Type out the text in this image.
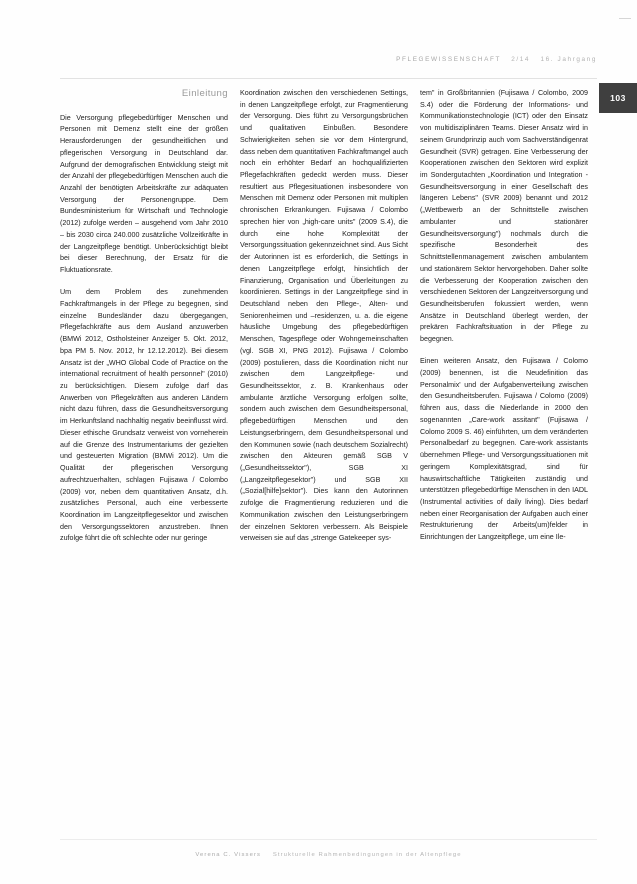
PFLEGEWISSENSCHAFT 2/14 16. Jahrgang
103
Einleitung

Die Versorgung pflegebedürftiger Menschen und Personen mit Demenz stellt eine der größen Herausforderungen der gesundheitlichen und pflegerischen Versorgung in Deutschland dar. Aufgrund der demografischen Entwicklung steigt mit der Anzahl der pflegebedürftigen Menschen auch die Anzahl der benötigten Arbeitskräfte zur adäquaten Versorgung der Personengruppe. Dem Bundesministerium für Wirtschaft und Technologie (2012) zufolge werden – ausgehend vom Jahr 2010 – bis 2030 circa 240.000 zusätzliche Vollzeitkräfte in der Langzeitpflege benötigt. Unberücksichtigt bleibt bei dieser Berechnung, der Ersatz für die Fluktuationsrate.

Um dem Problem des zunehmenden Fachkraftmangels in der Pflege zu begegnen, sind einzelne Bundesländer dazu übergegangen, Pflegefachkräfte aus dem Ausland anzuwerben (BMWi 2012, Ostholsteiner Anzeiger 5. Okt. 2012, bpa PM 5. Nov. 2012, hr 12.12.2012). Bei diesem Ansatz ist der „WHO Global Code of Practice on the international recruitment of health personnel" (2010) zu berücksichtigen. Diesem zufolge darf das Anwerben von Pflegekräften aus anderen Ländern nicht dazu führen, dass die Gesundheitsversorgung im Herkunftsland nachhaltig negativ beeinflusst wird. Dieser ethische Grundsatz verweist von vorneherein auf die Grenze des Instrumentariums der gezielten und gesteuerten Migration (BMWi 2012). Um die Qualität der pflegerischen Versorgung aufrechtzuerhalten, schlagen Fujisawa / Colombo (2009) vor, neben dem quantitativen Ansatz, d.h. zusätzliches Personal, auch eine verbesserte Koordination im Langzeitpflegesektor und zwischen den Versorgungssektoren anzustreben. Ihnen zufolge führt die oft schlechte oder nur geringe

Koordination zwischen den verschiedenen Settings, in denen Langzeitpflege erfolgt, zur Fragmentierung der Versorgung. Dies führt zu Versorgungsbrüchen und qualitativen Einbußen. Besondere Schwierigkeiten sehen sie vor dem Hintergrund, dass neben dem quantitativen Fachkraftmangel auch noch ein erhöhter Bedarf an hochqualifizierten Pflegefachkräften gedeckt werden muss. Dieser resultiert aus Pflegesituationen insbesondere von Menschen mit Demenz oder Personen mit multiplen chronischen Erkrankungen. Fujisawa / Colombo sprechen hier von „high-care units" (2009 S.4), die durch eine hohe Komplexität der Versorgungssituation gekennzeichnet sind. Aus Sicht der Autorinnen ist es erforderlich, die Settings in denen Langzeitpflege erfolgt, hinsichtlich der Finanzierung, Organisation und Überleitungen zu koordinieren. Settings in der Langzeitpflege sind in Deutschland neben den Pflege-, Alten- und Seniorenheimen und –residenzen, u. a. die eigene häusliche Umgebung des pflegebedürftigen Menschen, Tagespflege oder Wohngemeinschaften (vgl. SGB XI, PNG 2012). Fujisawa / Colombo (2009) postulieren, dass die Koordination nicht nur zwischen dem Langzeitpflege- und Gesundheitssektor, z. B. Krankenhaus oder ambulante ärztliche Versorgung erfolgen sollte, sondern auch zwischen dem Gesundheitspersonal, pflegebedürftigen Menschen und den Leistungserbringern, dem Gesundheitspersonal und den Kommunen sowie (nach deutschem Sozialrecht) zwischen den Akteuren gemäß SGB V („Gesundheitssektor"), SGB XI („Langzeitpflegesektor") und SGB XII („Sozial[hilfe]sektor"). Dies kann den Autorinnen zufolge die Fragmentierung reduzieren und die Kommunikation zwischen den Leistungserbringern der einzelnen Sektoren verbessern. Als Beispiele verweisen sie auf das „strenge Gatekeeper sys-

tem" in Großbritannien (Fujisawa / Colombo, 2009 S.4) oder die Förderung der Informations- und Kommunikationstechnologie (ICT) oder den Einsatz von multidisziplinären Teams. Dieser Ansatz wird in seinem Grundprinzip auch vom Sachverständigenrat Gesundheit (SVR) getragen. Eine Verbesserung der Kooperationen zwischen den Sektoren wird explizit im Sondergutachten „Koordination und Integration - Gesundheitsversorgung in einer Gesellschaft des längeren Lebens" (SVR 2009) benannt und 2012 („Wettbewerb an der Schnittstelle zwischen ambulanter und stationärer Gesundheitsversorgung") nochmals durch die spezifische Besonderheit des Schnittstellenmanagement zwischen ambulantem und stationärem Sektor hervorgehoben. Daher sollte die Verbesserung der Kooperation zwischen den verschiedenen Sektoren der Langzeitversorgung und Gesundheitsberufen fokussiert werden, wenn Ansätze in Deutschland überlegt werden, der prekären Fachkraftsituation in der Pflege zu begegnen.

Einen weiteren Ansatz, den Fujisawa / Colomo (2009) benennen, ist die Neudefinition das Personalmix' und der Aufgabenverteilung zwischen den Gesundheitsberufen. Fujisawa / Colomo (2009) führen aus, dass die Niederlande in 2000 den sogenannten „Care-work assitant" (Fujisawa / Colomo 2009 S. 46) einführten, um dem veränderten Personalbedarf zu begegnen. Care-work assistants übernehmen Pflege- und Versorgungssituationen mit geringem Komplexitätsgrad, sind für hauswirtschaftliche Tätigkeiten zuständig und unterstützen pflegebedürftige Menschen in den IADL (Instrumental activities of daily living). Dies bedarf neben einer Reorganisation der Aufgaben auch einer Restrukturierung der Arbeits(um)felder in Einrichtungen der Langzeitpflege, um eine Ile-

Verena C. Vissers Strukturelle Rahmenbedingungen in der Altenpflege
